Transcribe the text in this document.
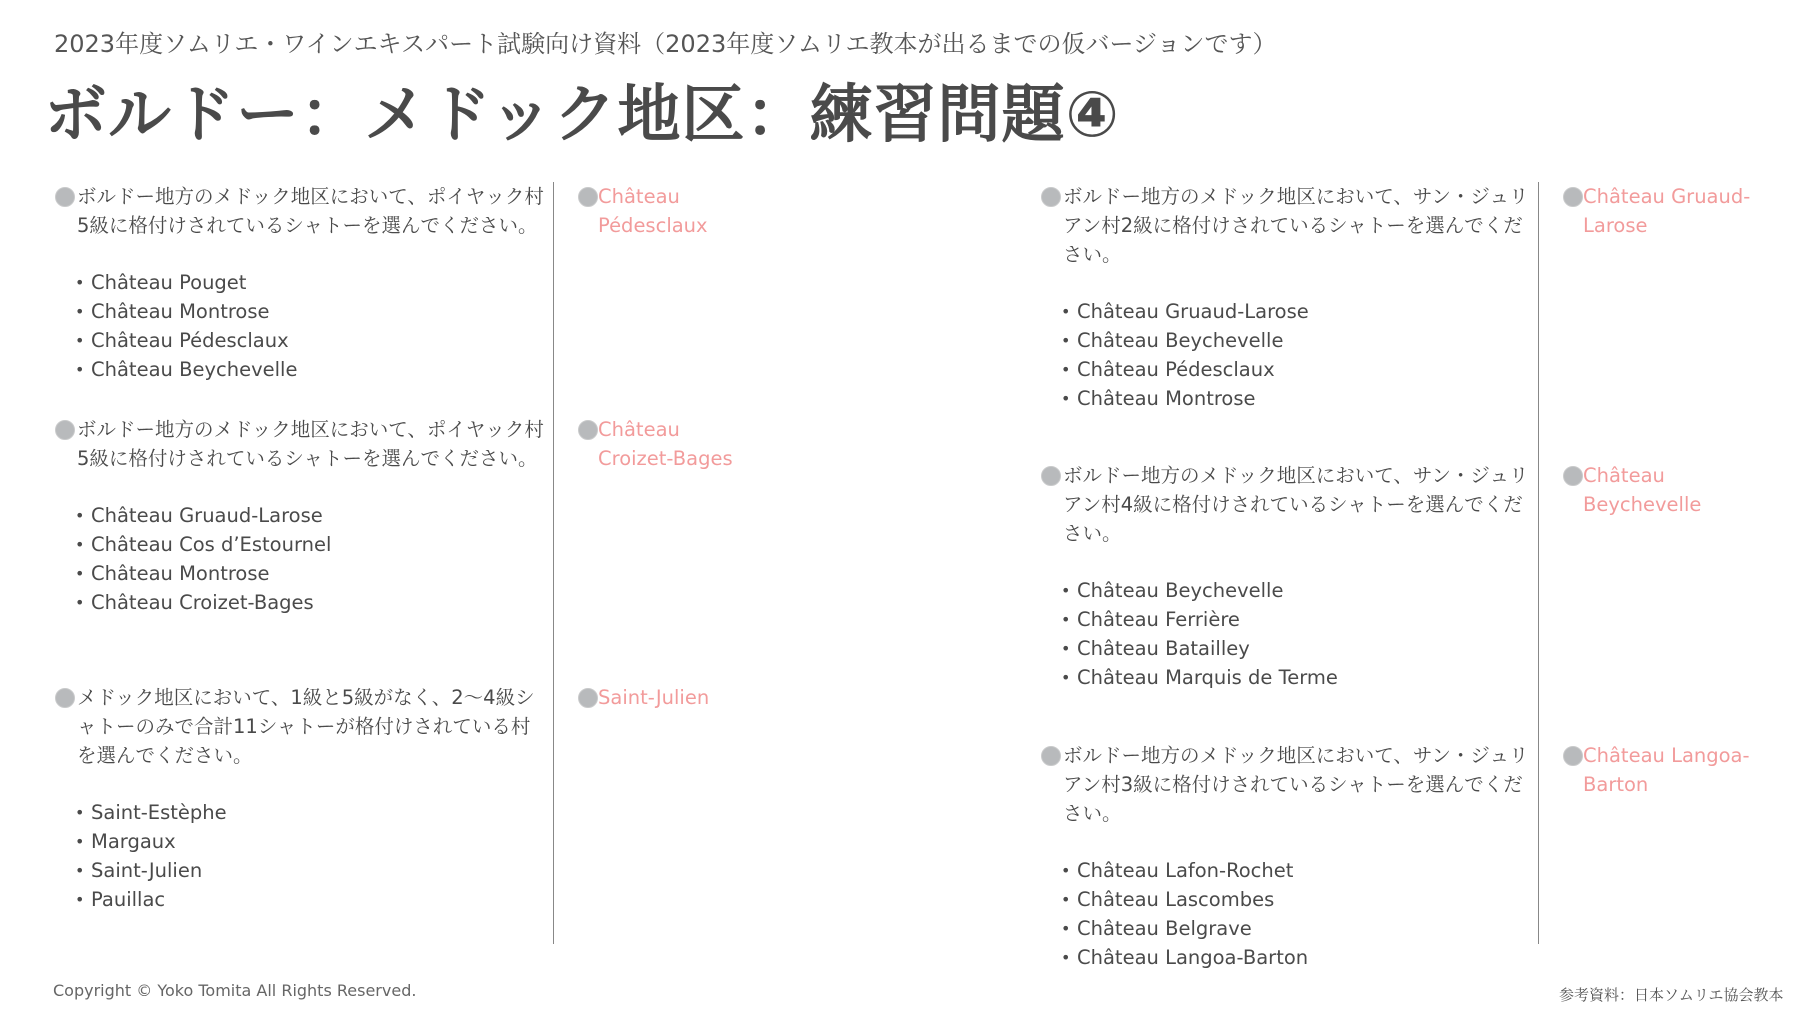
2023年度ソムリエ・ワインエキスパート試験向け資料（2023年度ソムリエ教本が出るまでの仮バージョンです）
ボルドー：メドック地区：練習問題④
ボルドー地方のメドック地区において、ポイヤック村5級に格付けされているシャトーを選んでください。
• Château Pouget
• Château Montrose
• Château Pédesclaux
• Château Beychevelle
Château Pédesclaux
ボルドー地方のメドック地区において、ポイヤック村5級に格付けされているシャトーを選んでください。
• Château Gruaud-Larose
• Château Cos d’Estournel
• Château Montrose
• Château Croizet-Bages
Château Croizet-Bages
メドック地区において、1級と5級がなく、2〜4級シャトーのみで合計11シャトーが格付けされている村を選んでください。
• Saint-Estèphe
• Margaux
• Saint-Julien
• Pauillac
Saint-Julien
ボルドー地方のメドック地区において、サン・ジュリアン村2級に格付けされているシャトーを選んでください。
• Château Gruaud-Larose
• Château Beychevelle
• Château Pédesclaux
• Château Montrose
Château Gruaud-Larose
ボルドー地方のメドック地区において、サン・ジュリアン村4級に格付けされているシャトーを選んでください。
• Château Beychevelle
• Château Ferrière
• Château Batailley
• Château Marquis de Terme
Château Beychevelle
ボルドー地方のメドック地区において、サン・ジュリアン村3級に格付けされているシャトーを選んでください。
• Château Lafon-Rochet
• Château Lascombes
• Château Belgrave
• Château Langoa-Barton
Château Langoa-Barton
Copyright © Yoko Tomita All Rights Reserved.	参考資料：日本ソムリエ協会教本
